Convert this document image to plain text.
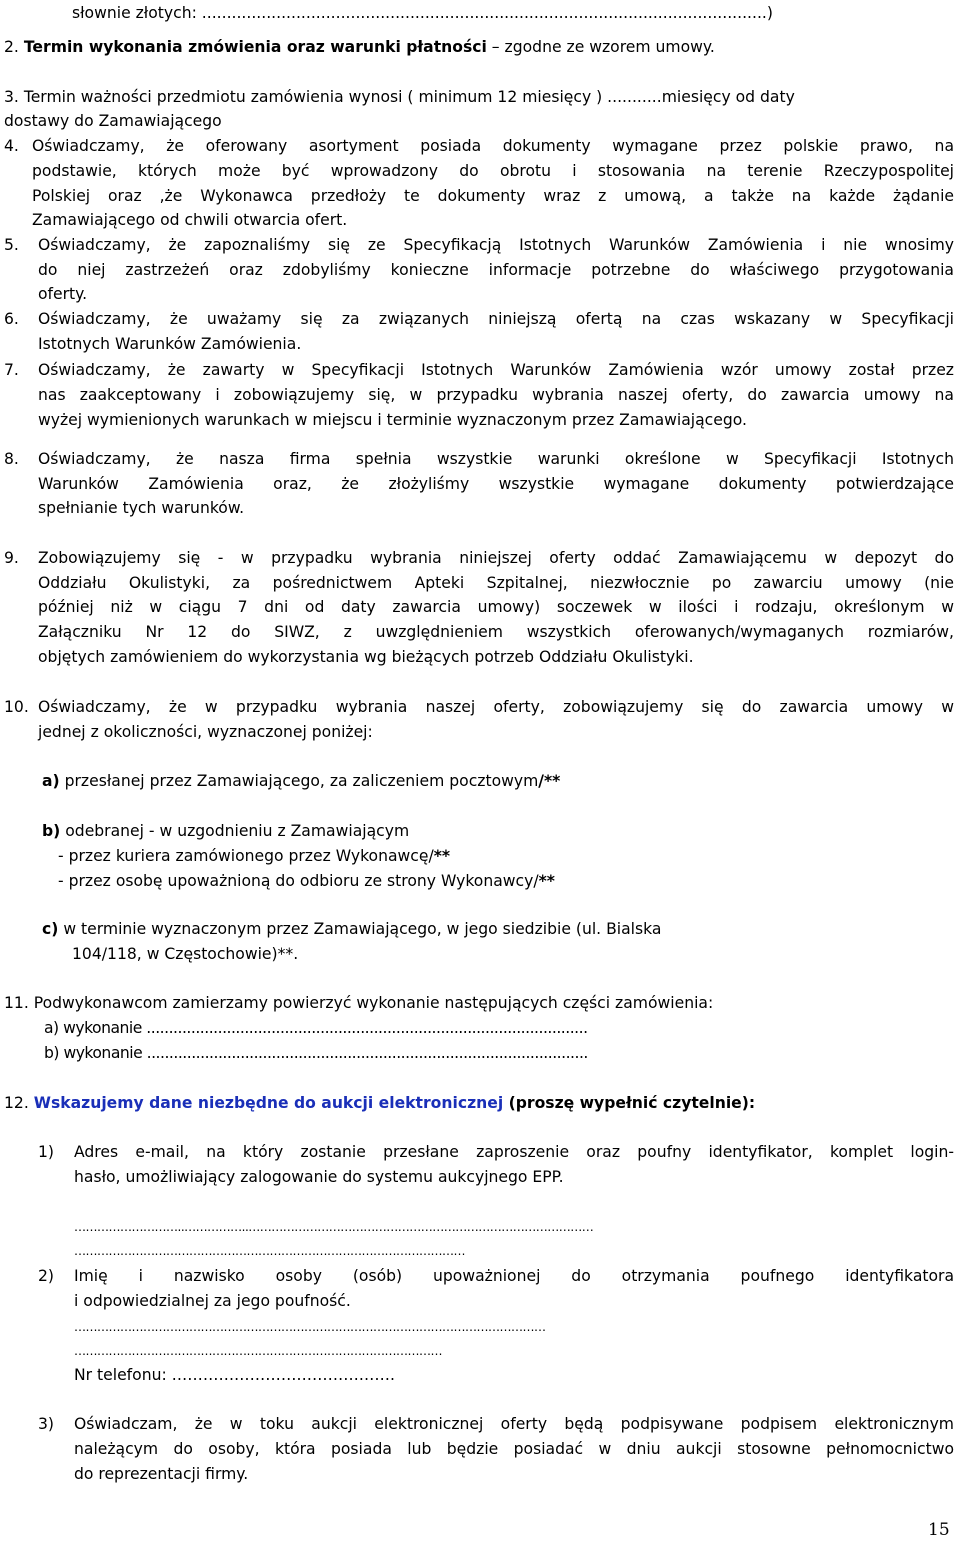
słownie złotych: ..................................................................................................................)
2. Termin wykonania zmówienia oraz warunki płatności – zgodne ze wzorem umowy.
3. Termin ważności przedmiotu zamówienia wynosi ( minimum 12 miesięcy ) ...........miesięcy od daty
dostawy do Zamawiającego
4. Oświadczamy, że oferowany asortyment posiada dokumenty wymagane przez polskie prawo, na
podstawie, których może być wprowadzony do obrotu i stosowania na terenie Rzeczypospolitej
Polskiej oraz ,że Wykonawca przedłoży te dokumenty wraz z umową, a także na każde żądanie
Zamawiającego od chwili otwarcia ofert.
5. Oświadczamy, że zapoznaliśmy się ze Specyfikacją Istotnych Warunków Zamówienia i nie wnosimy
do niej zastrzeżeń oraz zdobyliśmy konieczne informacje potrzebne do właściwego przygotowania
oferty.
6. Oświadczamy, że uważamy się za związanych niniejszą ofertą na czas wskazany w Specyfikacji
Istotnych Warunków Zamówienia.
7. Oświadczamy, że zawarty w Specyfikacji Istotnych Warunków Zamówienia wzór umowy został przez
nas zaakceptowany i zobowiązujemy się, w przypadku wybrania naszej oferty, do zawarcia umowy na
wyżej wymienionych warunkach w miejscu i terminie wyznaczonym przez Zamawiającego.
8. Oświadczamy, że nasza firma spełnia wszystkie warunki określone w Specyfikacji Istotnych
Warunków Zamówienia oraz, że złożyliśmy wszystkie wymagane dokumenty potwierdzające
spełnianie tych warunków.
9. Zobowiązujemy się - w przypadku wybrania niniejszej oferty oddać Zamawiającemu w depozyt do
Oddziału Okulistyki, za pośrednictwem Apteki Szpitalnej, niezwłocznie po zawarciu umowy (nie
później niż w ciągu 7 dni od daty zawarcia umowy) soczewek w ilości i rodzaju, określonym w
Załączniku Nr 12 do SIWZ, z uwzględnieniem wszystkich oferowanych/wymaganych rozmiarów,
objętych zamówieniem do wykorzystania wg bieżących potrzeb Oddziału Okulistyki.
10. Oświadczamy, że w przypadku wybrania naszej oferty, zobowiązujemy się do zawarcia umowy w
jednej z okoliczności, wyznaczonej poniżej:
a) przesłanej przez Zamawiającego, za zaliczeniem pocztowym/**
b) odebranej - w uzgodnieniu z Zamawiającym
- przez kuriera zamówionego przez Wykonawcę/**
- przez osobę upoważnioną do odbioru ze strony Wykonawcy/**
c) w terminie wyznaczonym przez Zamawiającego, w jego siedzibie (ul. Bialska
104/118, w Częstochowie)**.
11. Podwykonawcom zamierzamy powierzyć wykonanie następujących części zamówienia:
a) wykonanie ...................................................................................................
b) wykonanie ...................................................................................................
12. Wskazujemy dane niezbędne do aukcji elektronicznej (proszę wypełnić czytelnie):
1) Adres e-mail, na który zostanie przesłane zaproszenie oraz poufny identyfikator, komplet login-
hasło, umożliwiający zalogowanie do systemu aukcyjnego EPP.
………………………..……………..………………………………………………………………………………
…………………………………………………………………………………………
2) Imię i nazwisko osoby (osób) upoważnionej do otrzymania poufnego identyfikatora
i odpowiedzialnej za jego poufność.
……………………………………………………………………………………………………………
……………………………………………………………………………………
Nr telefonu: …………………………………….
3) Oświadczam, że w toku aukcji elektronicznej oferty będą podpisywane podpisem elektronicznym
należącym do osoby, która posiada lub będzie posiadać w dniu aukcji stosowne pełnomocnictwo
do reprezentacji firmy.
15
